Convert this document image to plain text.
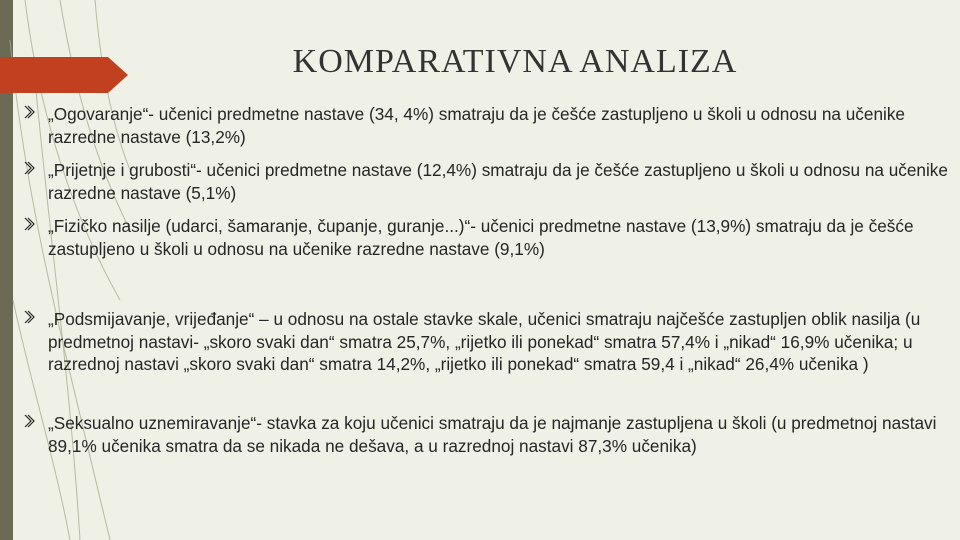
KOMPARATIVNA ANALIZA
„Ogovaranje“- učenici predmetne nastave (34, 4%) smatraju da je češće zastupljeno u školi u odnosu na učenike razredne nastave (13,2%)
„Prijetnje i grubosti“- učenici predmetne nastave (12,4%) smatraju da je češće zastupljeno u školi u odnosu na učenike razredne nastave (5,1%)
„Fizičko nasilje (udarci, šamaranje, čupanje, guranje...)“- učenici predmetne nastave (13,9%) smatraju da je češće zastupljeno u školi u odnosu na učenike razredne nastave (9,1%)
„Podsmijavanje, vrijeđanje“ – u odnosu na ostale stavke skale, učenici smatraju najčešće zastupljen oblik nasilja (u predmetnoj nastavi- „skoro svaki dan“ smatra 25,7%, „rijetko ili ponekad“ smatra 57,4% i „nikad“ 16,9% učenika; u razrednoj nastavi „skoro svaki dan“ smatra 14,2%, „rijetko ili ponekad“ smatra 59,4 i „nikad“ 26,4% učenika )
„Seksualno uznemiravanje“- stavka za koju učenici smatraju da je najmanje zastupljena u školi (u predmetnoj nastavi 89,1% učenika smatra da se nikada ne dešava, a u razrednoj nastavi 87,3% učenika)
